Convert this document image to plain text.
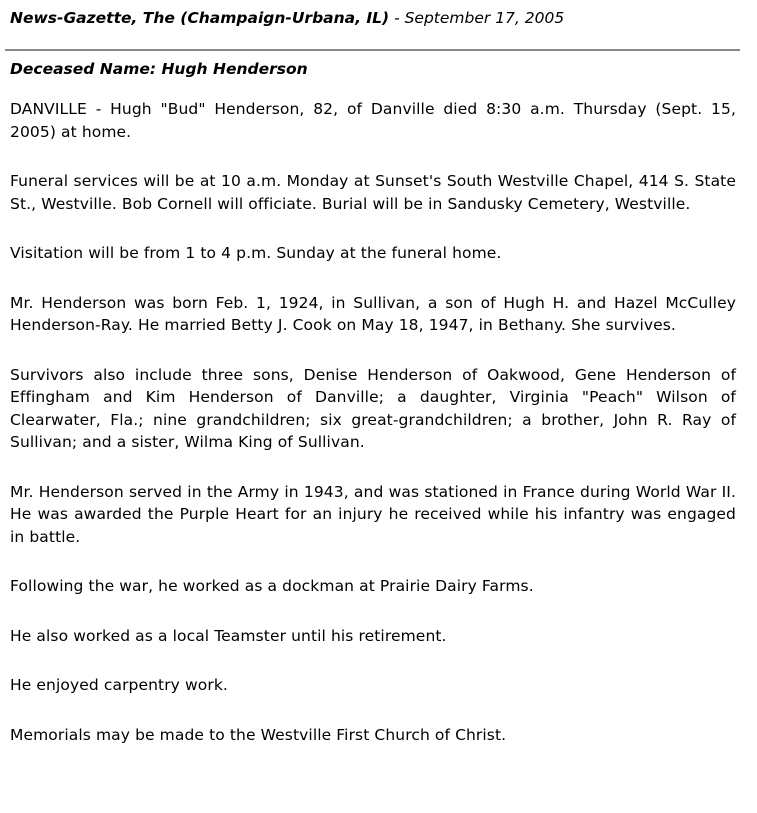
News-Gazette, The (Champaign-Urbana, IL) - September 17, 2005
Deceased Name: Hugh Henderson

DANVILLE - Hugh "Bud" Henderson, 82, of Danville died 8:30 a.m. Thursday (Sept. 15, 2005) at home.

Funeral services will be at 10 a.m. Monday at Sunset's South Westville Chapel, 414 S. State St., Westville. Bob Cornell will officiate. Burial will be in Sandusky Cemetery, Westville.

Visitation will be from 1 to 4 p.m. Sunday at the funeral home.

Mr. Henderson was born Feb. 1, 1924, in Sullivan, a son of Hugh H. and Hazel McCulley Henderson-Ray. He married Betty J. Cook on May 18, 1947, in Bethany. She survives.

Survivors also include three sons, Denise Henderson of Oakwood, Gene Henderson of Effingham and Kim Henderson of Danville; a daughter, Virginia "Peach" Wilson of Clearwater, Fla.; nine grandchildren; six great-grandchildren; a brother, John R. Ray of Sullivan; and a sister, Wilma King of Sullivan.

Mr. Henderson served in the Army in 1943, and was stationed in France during World War II. He was awarded the Purple Heart for an injury he received while his infantry was engaged in battle.

Following the war, he worked as a dockman at Prairie Dairy Farms.

He also worked as a local Teamster until his retirement.

He enjoyed carpentry work.

Memorials may be made to the Westville First Church of Christ.
